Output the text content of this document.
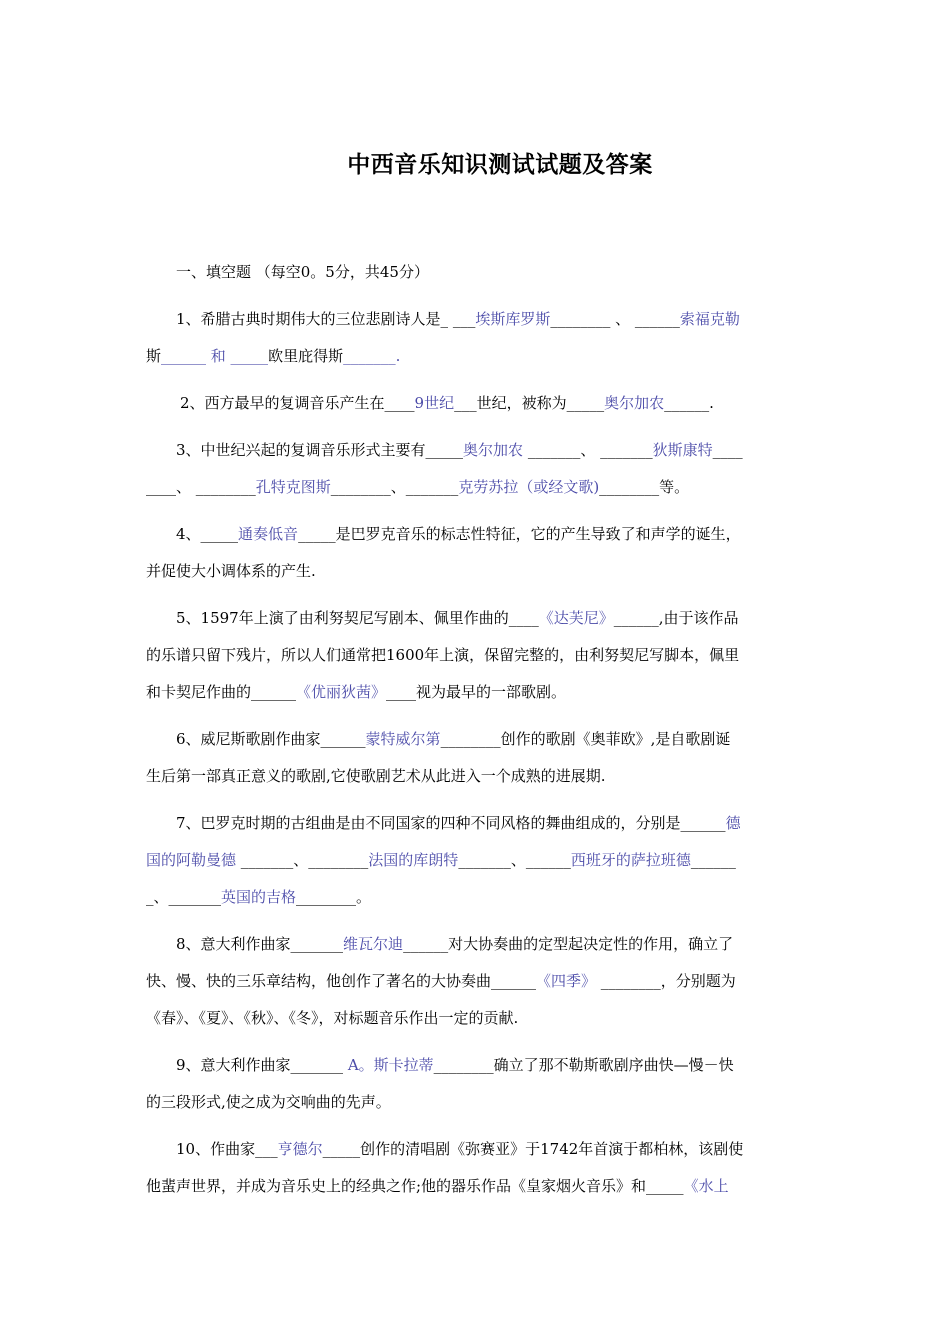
中西音乐知识测试试题及答案
一、填空题 （每空0。5分，共45分）
1、希腊古典时期伟大的三位悲剧诗人是_ ___埃斯库罗斯________ 、 ______索福克勒
斯______ 和 _____欧里庇得斯_______.
2、西方最早的复调音乐产生在____9世纪___世纪，被称为_____奥尔加农______.
3、中世纪兴起的复调音乐形式主要有_____奥尔加农 _______、 _______狄斯康特____
____、 ________孔特克图斯________、_______克劳苏拉（或经文歌)________等。
4、_____通奏低音_____是巴罗克音乐的标志性特征，它的产生导致了和声学的诞生，
并促使大小调体系的产生.
5、1597年上演了由利努契尼写剧本、佩里作曲的____《达芙尼》______,由于该作品
的乐谱只留下残片，所以人们通常把1600年上演，保留完整的，由利努契尼写脚本，佩里
和卡契尼作曲的______《优丽狄茜》____视为最早的一部歌剧。
6、威尼斯歌剧作曲家______蒙特威尔第________创作的歌剧《奥菲欧》,是自歌剧诞
生后第一部真正意义的歌剧,它使歌剧艺术从此进入一个成熟的进展期.
7、巴罗克时期的古组曲是由不同国家的四种不同风格的舞曲组成的，分别是______德
国的阿勒曼德 _______、________法国的库朗特_______、______西班牙的萨拉班德______
_、_______英国的吉格________。
8、意大利作曲家_______维瓦尔迪______对大协奏曲的定型起决定性的作用，确立了
快、慢、快的三乐章结构，他创作了著名的大协奏曲______《四季》 ________，分别题为
《春》、《夏》、《秋》、《冬》，对标题音乐作出一定的贡献.
9、意大利作曲家_______ A。斯卡拉蒂________确立了那不勒斯歌剧序曲快—慢－快
的三段形式,使之成为交响曲的先声。
10、作曲家___亨德尔_____创作的清唱剧《弥赛亚》于1742年首演于都柏林，该剧使
他蜚声世界，并成为音乐史上的经典之作;他的器乐作品《皇家烟火音乐》和_____《水上
